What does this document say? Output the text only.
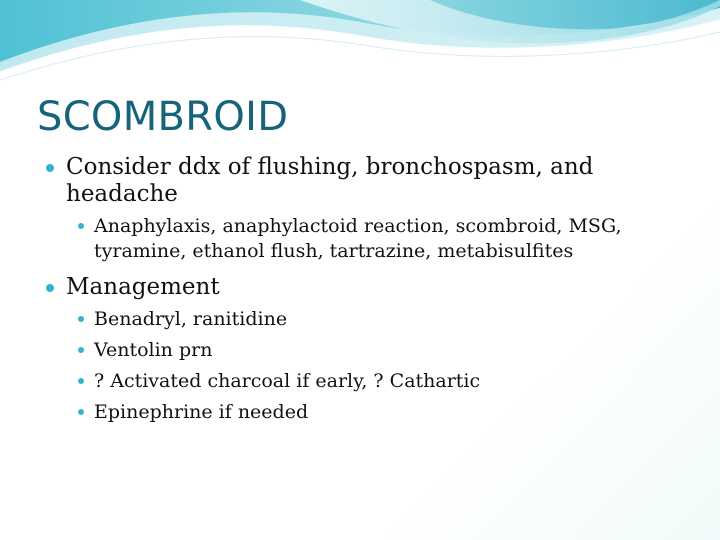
SCOMBROID
Consider ddx of flushing, bronchospasm, and headache
Anaphylaxis, anaphylactoid reaction, scombroid, MSG, tyramine, ethanol flush, tartrazine, metabisulfites
Management
Benadryl, ranitidine
Ventolin prn
? Activated charcoal if early, ? Cathartic
Epinephrine if needed
